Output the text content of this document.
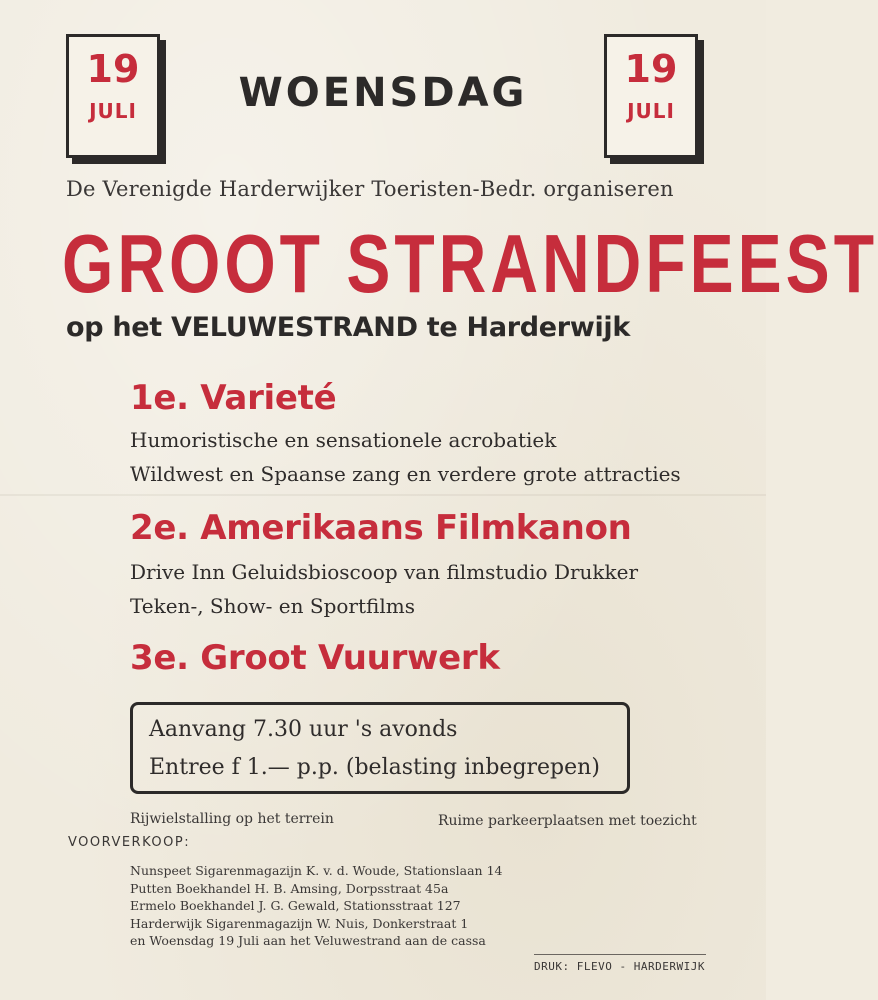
19
JULI	WOENSDAG
19
JULI
De Verenigde Harderwijker Toeristen-Bedr. organiseren
GROOT STRANDFEEST
op het VELUWESTRAND te Harderwijk
1e. Varieté
Humoristische en sensationele acrobatiek
Wildwest en Spaanse zang en verdere grote attracties
2e. Amerikaans Filmkanon
Drive Inn Geluidsbioscoop van filmstudio Drukker
Teken-, Show- en Sportfilms
3e. Groot Vuurwerk
Aanvang 7.30 uur 's avonds
Entree f 1.— p.p. (belasting inbegrepen)
Rijwielstalling op het terrein	Ruime parkeerplaatsen met toezicht
VOORVERKOOP:
Nunspeet Sigarenmagazijn K. v. d. Woude, Stationslaan 14
Putten Boekhandel H. B. Amsing, Dorpsstraat 45a
Ermelo Boekhandel J. G. Gewald, Stationsstraat 127
Harderwijk Sigarenmagazijn W. Nuis, Donkerstraat 1
en Woensdag 19 Juli aan het Veluwestrand aan de cassa
DRUK: FLEVO - HARDERWIJK
